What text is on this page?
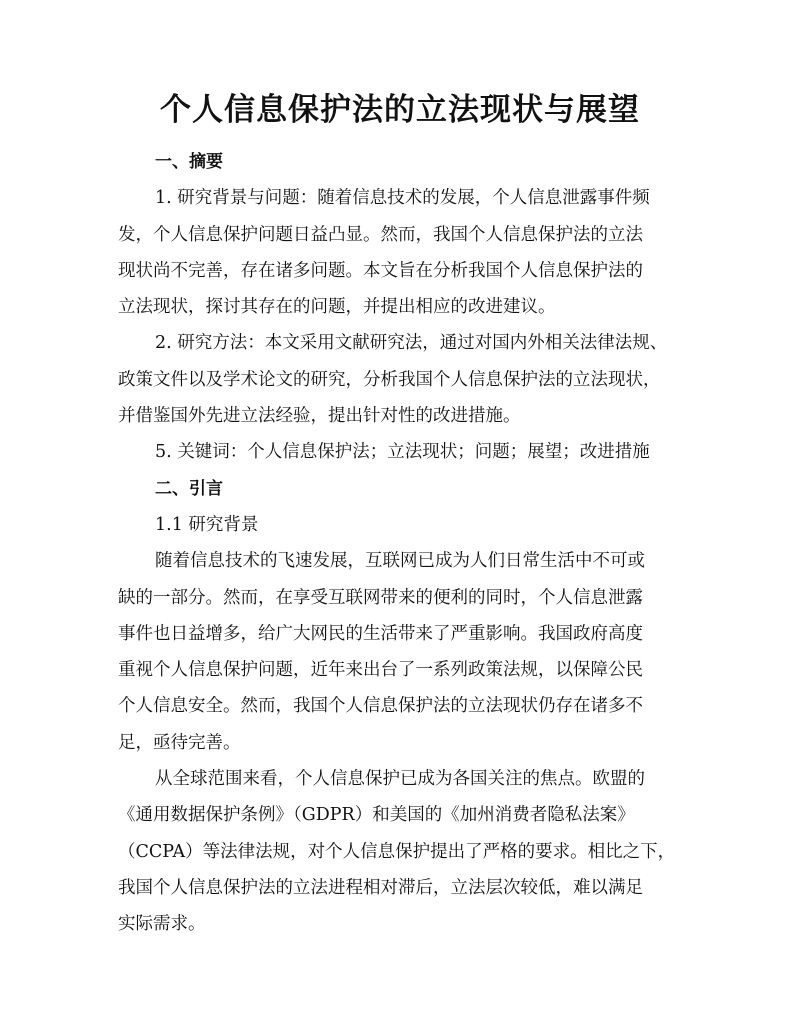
个人信息保护法的立法现状与展望
一、摘要
1. 研究背景与问题：随着信息技术的发展，个人信息泄露事件频
发，个人信息保护问题日益凸显。然而，我国个人信息保护法的立法
现状尚不完善，存在诸多问题。本文旨在分析我国个人信息保护法的
立法现状，探讨其存在的问题，并提出相应的改进建议。
2. 研究方法：本文采用文献研究法，通过对国内外相关法律法规、
政策文件以及学术论文的研究，分析我国个人信息保护法的立法现状，
并借鉴国外先进立法经验，提出针对性的改进措施。
5. 关键词：个人信息保护法；立法现状；问题；展望；改进措施
二、引言
1.1 研究背景
随着信息技术的飞速发展，互联网已成为人们日常生活中不可或
缺的一部分。然而，在享受互联网带来的便利的同时，个人信息泄露
事件也日益增多，给广大网民的生活带来了严重影响。我国政府高度
重视个人信息保护问题，近年来出台了一系列政策法规，以保障公民
个人信息安全。然而，我国个人信息保护法的立法现状仍存在诸多不
足，亟待完善。
从全球范围来看，个人信息保护已成为各国关注的焦点。欧盟的
《通用数据保护条例》（GDPR）和美国的《加州消费者隐私法案》
（CCPA）等法律法规，对个人信息保护提出了严格的要求。相比之下，
我国个人信息保护法的立法进程相对滞后，立法层次较低，难以满足
实际需求。
